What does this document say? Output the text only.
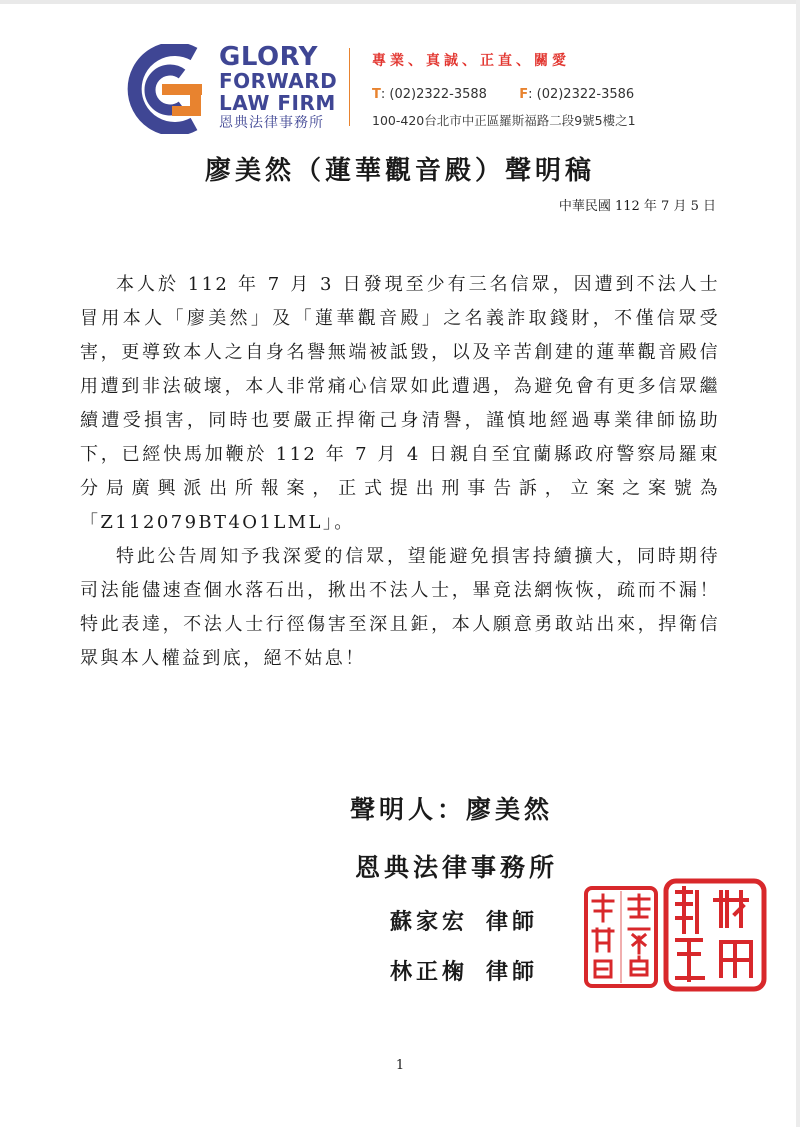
GLORY
FORWARD
LAW FIRM
恩典法律事務所
專業、真誠、正直、關愛
T: (02)2322-3588 F: (02)2322-3586
100-420台北市中正區羅斯福路二段9號5樓之1
廖美然（蓮華觀音殿）聲明稿
中華民國 112 年 7 月 5 日

本人於 112 年 7 月 3 日發現至少有三名信眾，因遭到不法人士冒用本人「廖美然」及「蓮華觀音殿」之名義詐取錢財，不僅信眾受害，更導致本人之自身名譽無端被詆毀，以及辛苦創建的蓮華觀音殿信用遭到非法破壞，本人非常痛心信眾如此遭遇，為避免會有更多信眾繼續遭受損害，同時也要嚴正捍衛己身清譽，謹慎地經過專業律師協助下，已經快馬加鞭於 112 年 7 月 4 日親自至宜蘭縣政府警察局羅東分局廣興派出所報案，正式提出刑事告訴，立案之案號為「Z112079BT4O1LML」。

特此公告周知予我深愛的信眾，望能避免損害持續擴大，同時期待司法能儘速查個水落石出，揪出不法人士，畢竟法網恢恢，疏而不漏！特此表達，不法人士行徑傷害至深且鉅，本人願意勇敢站出來，捍衛信眾與本人權益到底，絕不姑息！

聲明人：廖美然
恩典法律事務所
蘇家宏 律師
林正椈 律師
1
